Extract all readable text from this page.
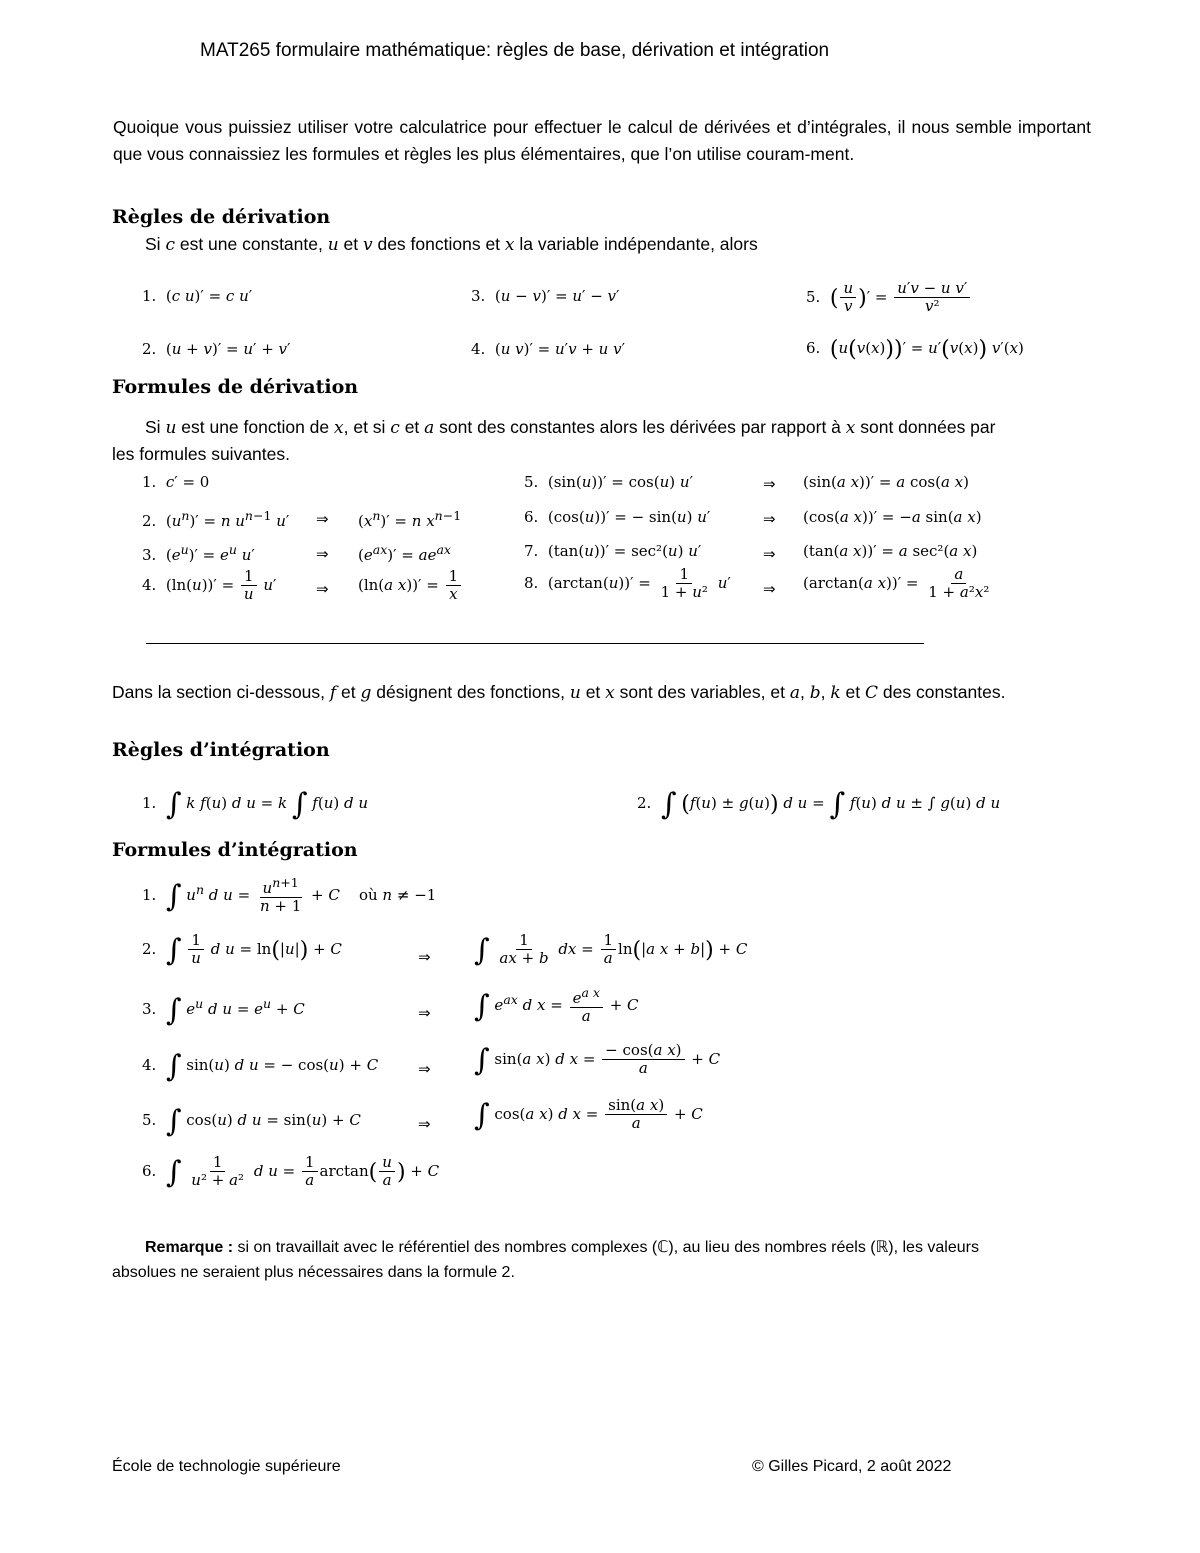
MAT265 formulaire mathématique: règles de base, dérivation et intégration
Quoique vous puissiez utiliser votre calculatrice pour effectuer le calcul de dérivées et d’intégrales, il nous semble important que vous connaissiez les formules et règles les plus élémentaires, que l’on utilise couram-ment.
Règles de dérivation
Si c est une constante, u et v des fonctions et x la variable indépendante, alors
1.  (c u)′ = c u′
2.  (u + v)′ = u′ + v′
3.  (u − v)′ = u′ − v′
4.  (u v)′ = u′v + u v′
5. ( $\frac{u}{v}$ )′ = $\frac{\text{u′v − u v′}}{\text{v²}}$
6. (u(v(x)))′ = u′(v(x)) v′(x)
Formules de dérivation
Si u est une fonction de x, et si c et a sont des constantes alors les dérivées par rapport à x sont données par
les formules suivantes.
1. c′ = 0
2.  $(u^n)' = n$ $u^{n-1}$ u′ ⇒ $(x^n)' = n$ $x^{n-1}$
3.  $(e^u)' = e^u$ u′	⇒ $(e^{ax})' = ae^{ax}$
4.  $(\ln(u))' = \frac{1}{u} u'$	⇒ (ln(a $x))' = \frac{1}{x}$
5.  (sin(u))′ = cos(u) u′	⇒ (sin(a x))′ = a cos(a x)
6.  (cos(u))′ = − sin(u) u′	⇒ (cos(a x))′ = −a sin(a x)
7.  (tan(u))′ = sec²(u) u′	⇒ (tan(a x))′ = a sec²(a x)
8.  $(\arctan(u))' = \frac{1}{\text{1 + u²}} u'$ ⇒ (arctan(a $x))' = \frac{a}{\text{1 + a²x²}}$
Dans la section ci-dessous, f et g désignent des fonctions, u et x sont des variables, et a, b, k et C des constantes.
Règles d’intégration
1. ∫ k f(u) d u = k ∫ f(u) d u	2. ∫ (f(u) ± g(u)) d u = ∫ f(u) d u ± ∫ g(u) d u
Formules d’intégration
1. ∫ $u^n$ d $u = \frac{u^{n+1}}{n + 1} + C$ où n ≠ −1
2. ∫ $\frac{1}{u}$ d u = ln(|u|) + C	⇒ ∫ $\frac{1}{ax + b}$ dx = $\frac{1}{a} \ln(|a$ x + b|) + C
3. ∫ $e^u$ d $u = e^u + C$	⇒ ∫ $e^{ax}$ d $x = \frac{e^{a x}}{a} + C$
4. ∫ sin(u) d u = − cos(u) + C	⇒ ∫ sin(a x) d $x = \frac{\text{− cos(a x)}}{a} + C$
5. ∫ cos(u) d u = sin(u) + C	⇒ ∫ cos(a x) d $x = \frac{\text{sin(a x)}}{a} + C$
6. ∫ $\frac{1}{\text{u² + a²}}$ d $u = \frac{1}{a} \arctan( \frac{u}{a}$ ) + C
Remarque : si on travaillait avec le référentiel des nombres complexes (ℂ), au lieu des nombres réels (ℝ), les valeurs
absolues ne seraient plus nécessaires dans la formule 2.
École de technologie supérieure	© Gilles Picard, 2 août 2022
